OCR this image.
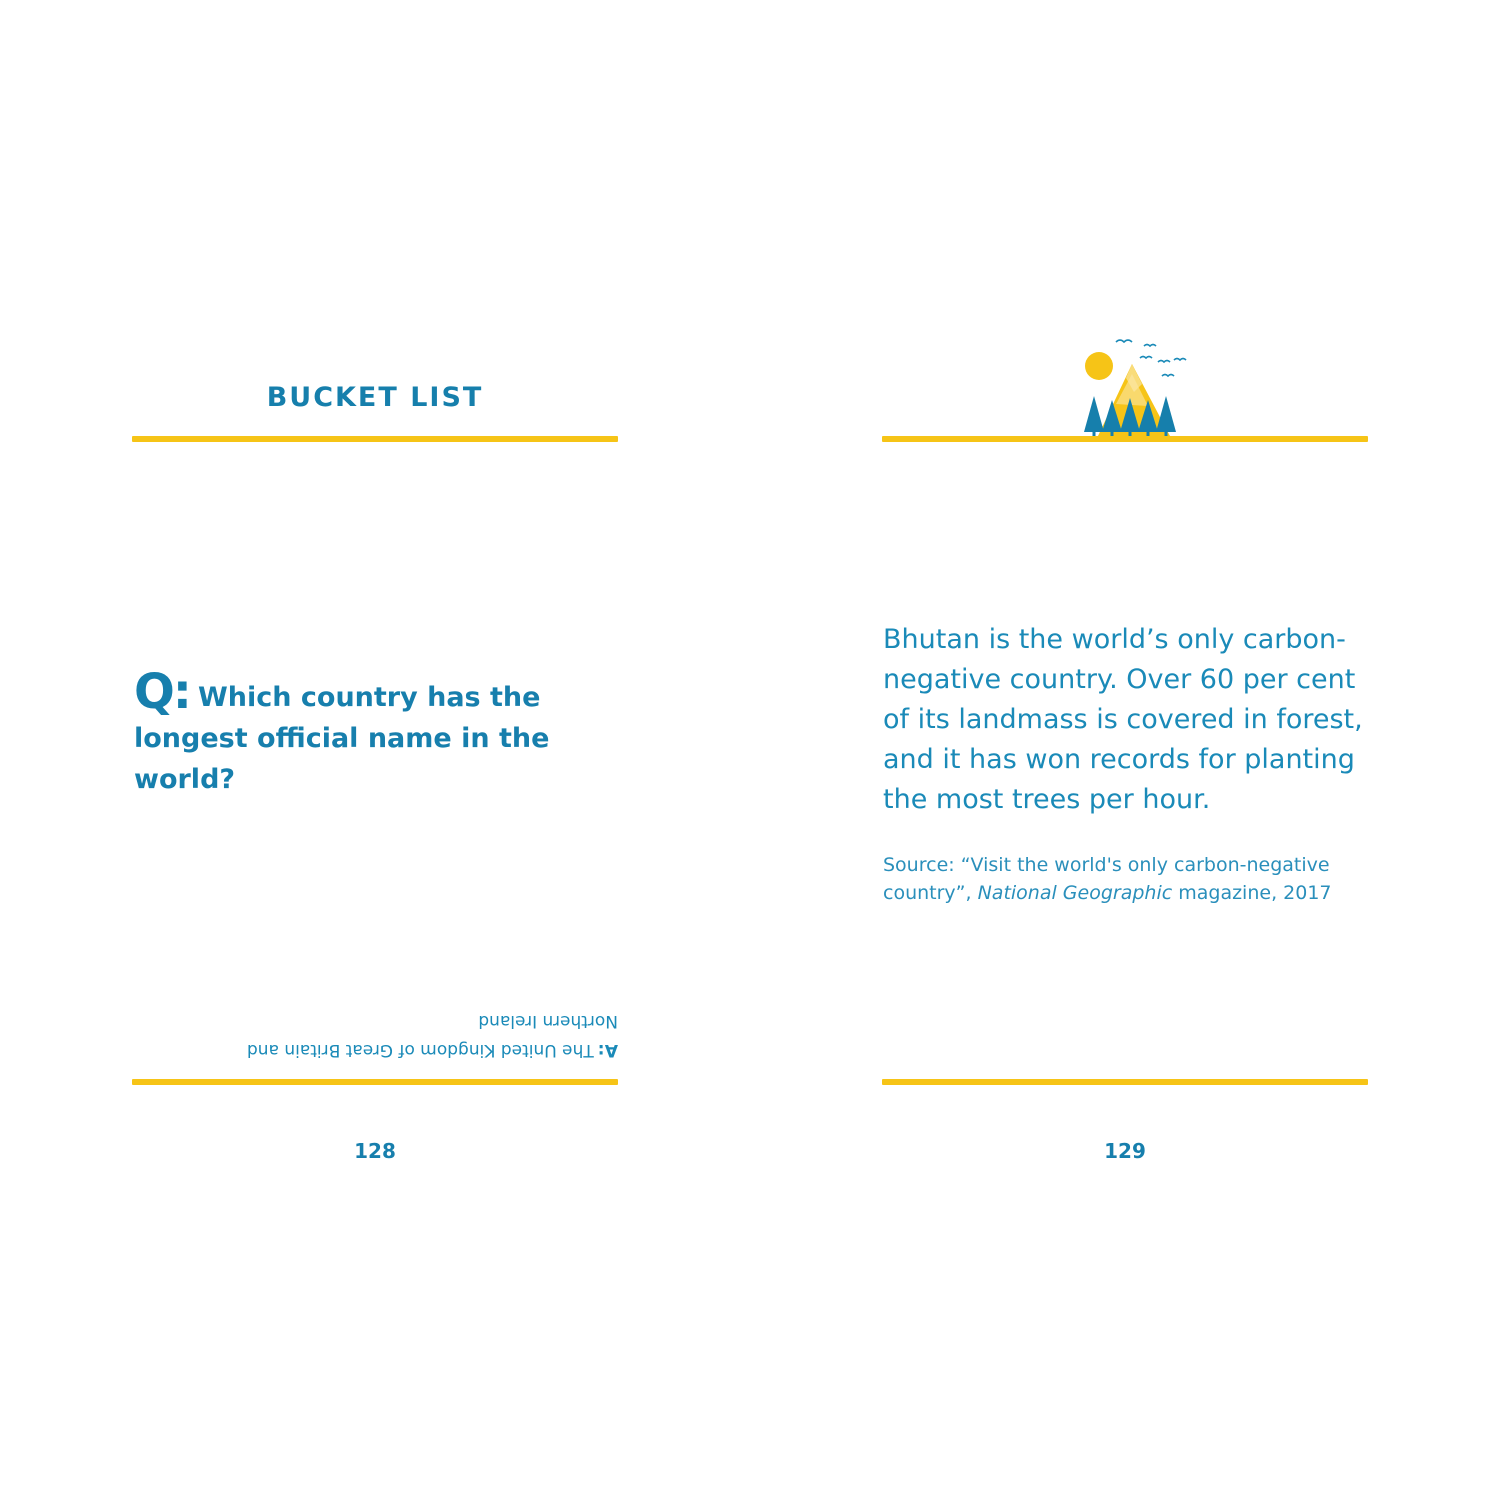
BUCKET LIST
Q: Which country has the longest official name in the world?
A:The United Kingdom of Great Britain and Northern Ireland
128
Bhutan is the world’s only carbon-negative country. Over 60 per cent of its landmass is covered in forest, and it has won records for planting the most trees per hour.
Source: “Visit the world's only carbon-negative country”, National Geographic magazine, 2017
129
